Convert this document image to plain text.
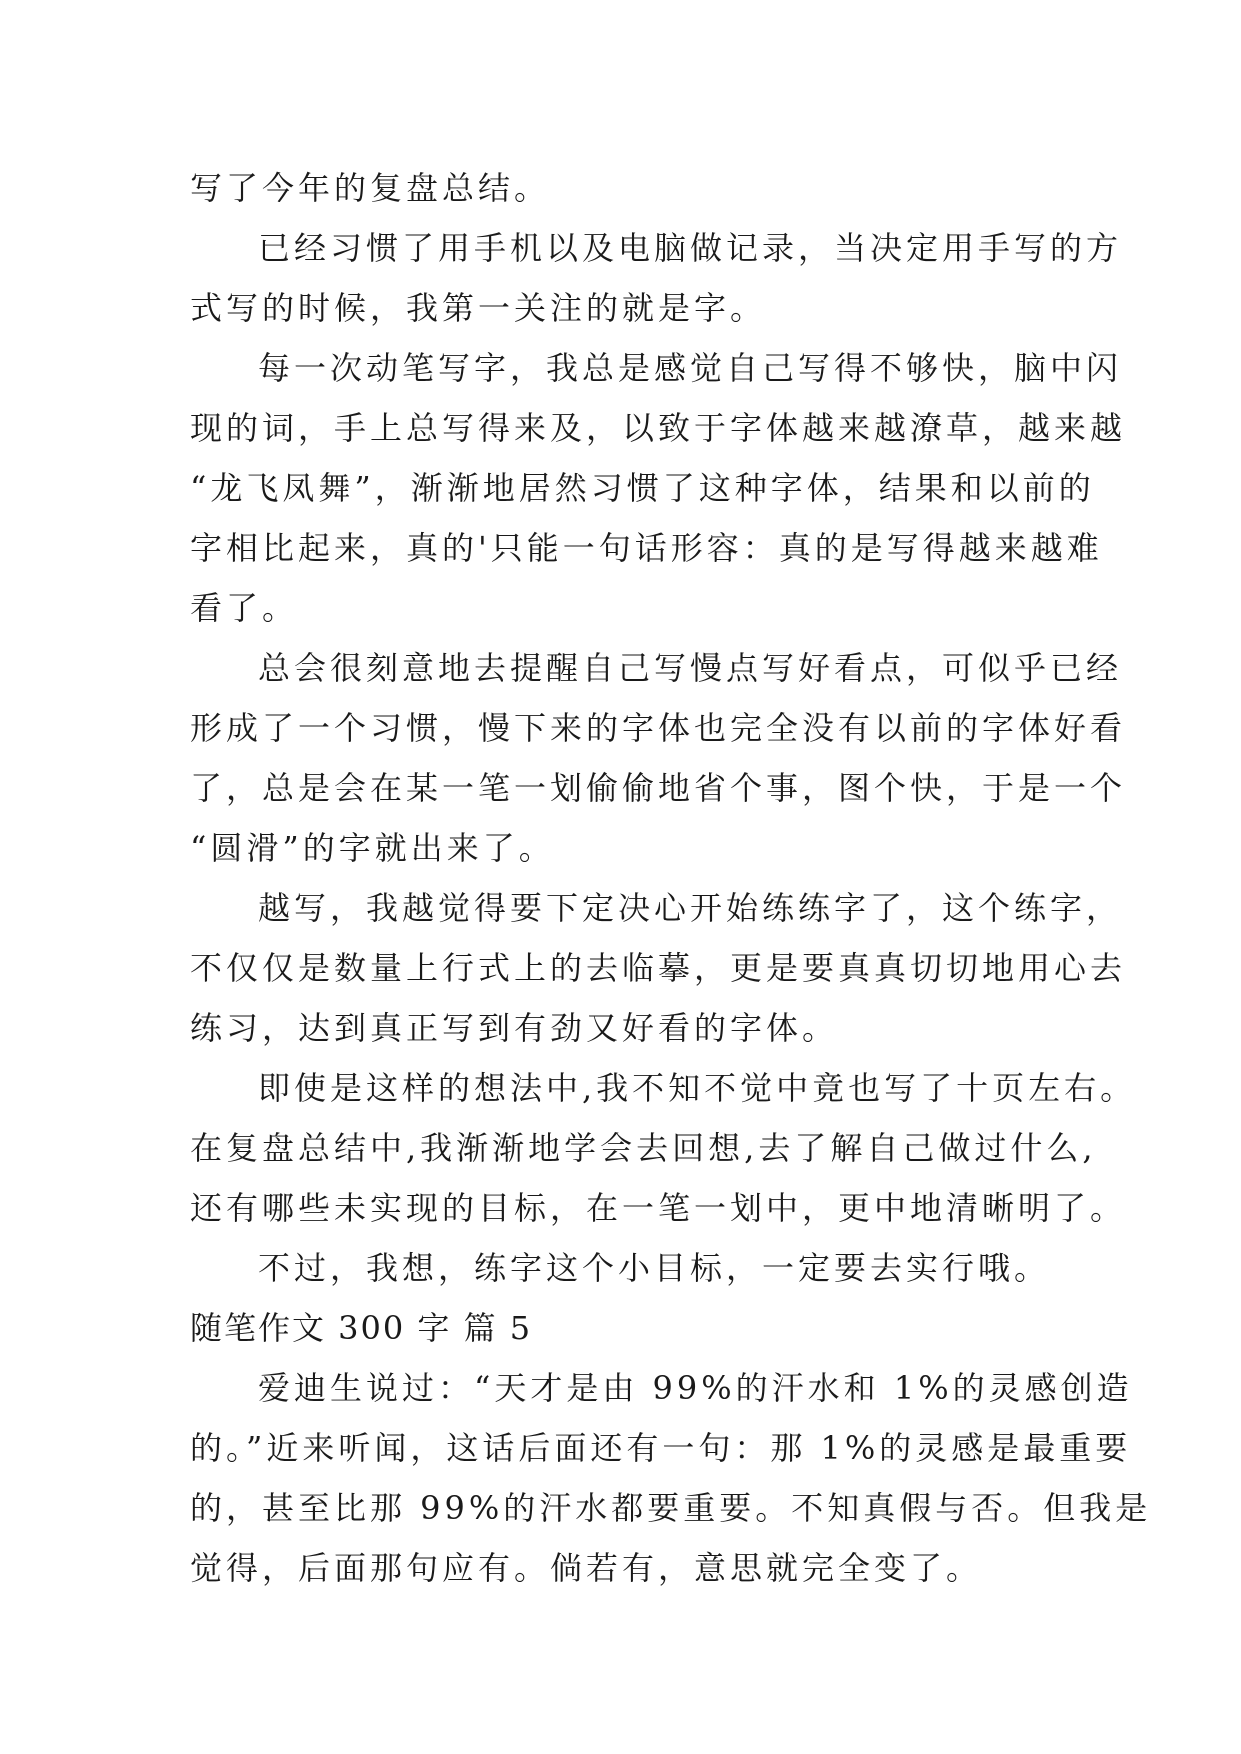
写了今年的复盘总结。
已经习惯了用手机以及电脑做记录，当决定用手写的方
式写的时候，我第一关注的就是字。
每一次动笔写字，我总是感觉自己写得不够快，脑中闪
现的词，手上总写得来及，以致于字体越来越潦草，越来越
“龙飞凤舞”，渐渐地居然习惯了这种字体，结果和以前的
字相比起来，真的'只能一句话形容：真的是写得越来越难
看了。
总会很刻意地去提醒自己写慢点写好看点，可似乎已经
形成了一个习惯，慢下来的字体也完全没有以前的字体好看
了，总是会在某一笔一划偷偷地省个事，图个快，于是一个
“圆滑”的字就出来了。
越写，我越觉得要下定决心开始练练字了，这个练字，
不仅仅是数量上行式上的去临摹，更是要真真切切地用心去
练习，达到真正写到有劲又好看的字体。
即使是这样的想法中,我不知不觉中竟也写了十页左右。
在复盘总结中,我渐渐地学会去回想,去了解自己做过什么,
还有哪些未实现的目标，在一笔一划中，更中地清晰明了。
不过，我想，练字这个小目标，一定要去实行哦。
随笔作文 300 字 篇 5
爱迪生说过：“天才是由 99%的汗水和 1%的灵感创造
的。”近来听闻，这话后面还有一句：那 1%的灵感是最重要
的，甚至比那 99%的汗水都要重要。不知真假与否。但我是
觉得，后面那句应有。倘若有，意思就完全变了。
